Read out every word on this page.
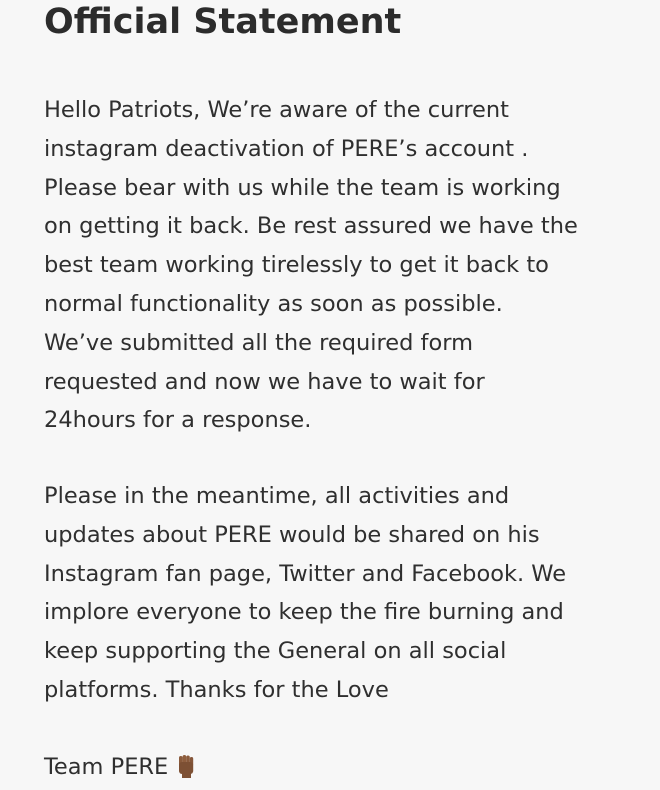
Official Statement

Hello Patriots, We’re aware of the current
instagram deactivation of PERE’s account .
Please bear with us while the team is working
on getting it back. Be rest assured we have the
best team working tirelessly to get it back to
normal functionality as soon as possible.
We’ve submitted all the required form
requested and now we have to wait for
24hours for a response.

Please in the meantime, all activities and
updates about PERE would be shared on his
Instagram fan page, Twitter and Facebook. We
implore everyone to keep the fire burning and
keep supporting the General on all social
platforms. Thanks for the Love

Team PERE
